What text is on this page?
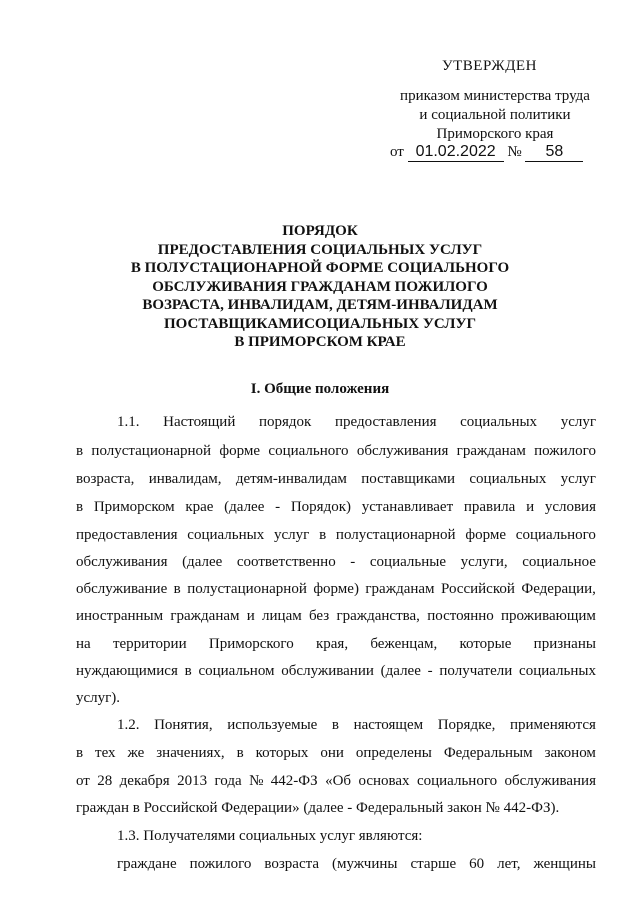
УТВЕРЖДЕН
приказом министерства труда
и социальной политики
Приморского края
от 01.02.2022 № 58
ПОРЯДОК
ПРЕДОСТАВЛЕНИЯ СОЦИАЛЬНЫХ УСЛУГ
В ПОЛУСТАЦИОНАРНОЙ ФОРМЕ СОЦИАЛЬНОГО
ОБСЛУЖИВАНИЯ ГРАЖДАНАМ ПОЖИЛОГО
ВОЗРАСТА, ИНВАЛИДАМ, ДЕТЯМ-ИНВАЛИДАМ
ПОСТАВЩИКАМИСОЦИАЛЬНЫХ УСЛУГ
В ПРИМОРСКОМ КРАЕ
I. Общие положения
1.1. Настоящий порядок предоставления социальных услуг
в полустационарной форме социального обслуживания гражданам пожилого
возраста, инвалидам, детям-инвалидам поставщиками социальных услуг
в Приморском крае (далее - Порядок) устанавливает правила и условия
предоставления социальных услуг в полустационарной форме социального
обслуживания (далее соответственно - социальные услуги, социальное
обслуживание в полустационарной форме) гражданам Российской Федерации,
иностранным гражданам и лицам без гражданства, постоянно проживающим
на территории Приморского края, беженцам, которые признаны
нуждающимися в социальном обслуживании (далее - получатели социальных
услуг).
1.2. Понятия, используемые в настоящем Порядке, применяются
в тех же значениях, в которых они определены Федеральным законом
от 28 декабря 2013 года № 442-ФЗ «Об основах социального обслуживания
граждан в Российской Федерации» (далее - Федеральный закон № 442-ФЗ).
1.3. Получателями социальных услуг являются:
граждане пожилого возраста (мужчины старше 60 лет, женщины
